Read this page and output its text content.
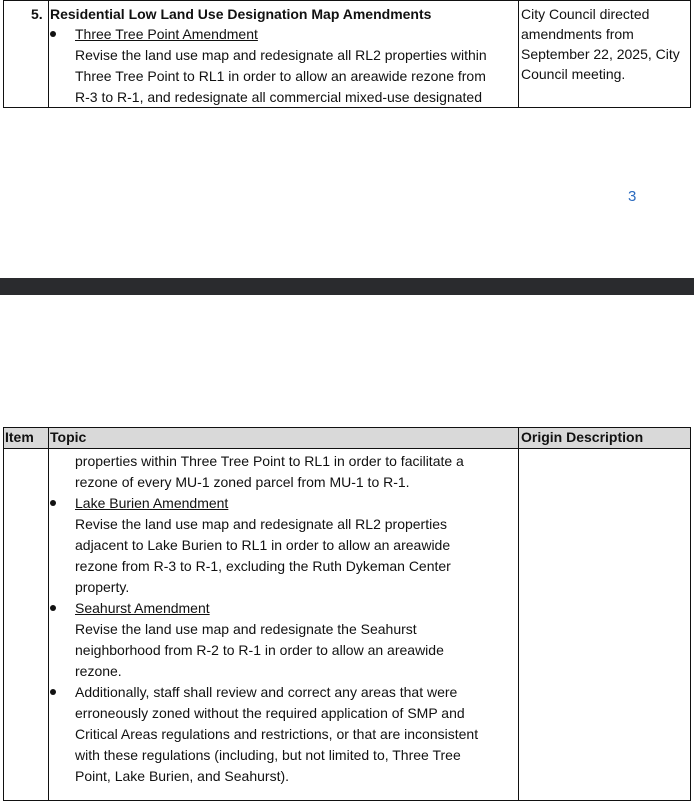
5. Residential Low Land Use Designation Map Amendments
Three Tree Point Amendment
Revise the land use map and redesignate all RL2 properties within
Three Tree Point to RL1 in order to allow an areawide rezone from
R-3 to R-1, and redesignate all commercial mixed-use designated
City Council directed
amendments from
September 22, 2025, City
Council meeting.
3
Item Topic	Origin Description
properties within Three Tree Point to RL1 in order to facilitate a
rezone of every MU-1 zoned parcel from MU-1 to R-1.
Lake Burien Amendment
Revise the land use map and redesignate all RL2 properties
adjacent to Lake Burien to RL1 in order to allow an areawide
rezone from R-3 to R-1, excluding the Ruth Dykeman Center
property.
Seahurst Amendment
Revise the land use map and redesignate the Seahurst
neighborhood from R-2 to R-1 in order to allow an areawide
rezone.
Additionally, staff shall review and correct any areas that were
erroneously zoned without the required application of SMP and
Critical Areas regulations and restrictions, or that are inconsistent
with these regulations (including, but not limited to, Three Tree
Point, Lake Burien, and Seahurst).
